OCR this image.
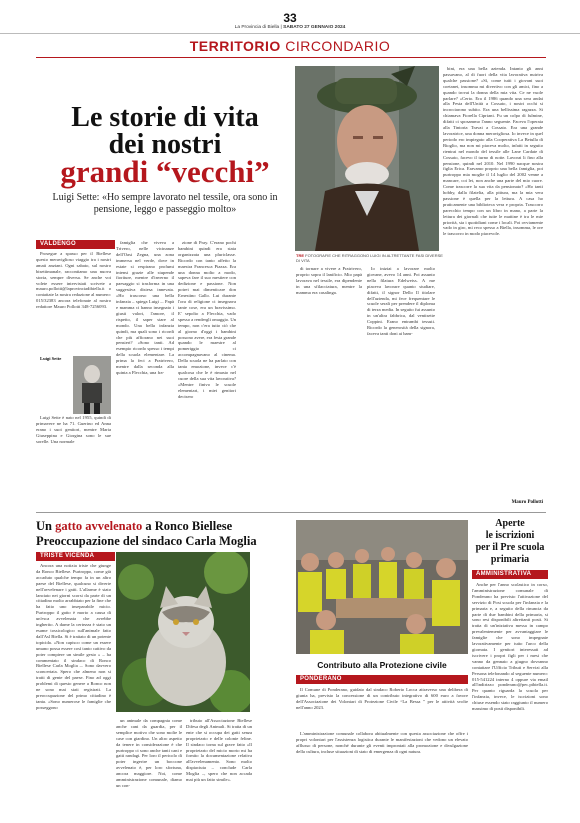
33
La Provincia di Biella | SABATO 27 GENNAIO 2024
TERRITORIO CIRCONDARIO
Le storie di vita
dei nostri
grandi “vecchi”
Luigi Sette: «Ho sempre lavorato nel tessile, ora sono in pensione, leggo e passeggio molto»
TRE FOTOGRAFIE CHE RITRAGGONO LUIGI IN ALTRETTANTE FASI DIVERSE DI VITA
VALDENGO

Prosegue a spasso per il Biellese questo meraviglioso viaggio tra i nostri amati anziani. Ogni sabato, sul nostro bisettimanale, raccontiamo una nuova storia, sempre diversa. Se anche voi volete essere intervistati scrivete a mauro.pollotti@laprovinciadibiella.it o contattate la nostra redazione al numero: 015/32383 ancora telefonate al nostro redattore Mauro Pollotti 348-7256093.

Luigi Sette

Luigi Sette è nato nel 1955, quindi di primavere ne ha 71. Guerino ed Anna erano i suoi genitori, mentre Maria Giuseppina e Giorgina sono le sue sorelle. Una normale

famiglia che viveva a Trivero, nelle vicinanze dell'Oasi Zegna, una zona immersa nel verde, dove in estate si respirano profumi intensi grazie alle stupende fioriture, mentre d'inverno il paesaggio si trasforma in una suggestiva distesa innevata. «Ho trascorso una bella infanzia – spiega Luigi –. Papà e mamma ci hanno insegnato i giusti valori, l'amore, il rispetto, il saper stare al mondo. Una bella infanzia quindi, ma quali sono i ricordi che più affiorano nei suoi pensieri? «Sono tanti. Ad esempio ricordo spesso i tempi della scuola elementare. La prima la feci a Pratrivero, mentre dalla seconda alla quinta a Flecchia, una fra-

zione di Pray. C'erano pochi bambini quindi era stata organizzata una pluriclasse. Ricordo con tanto affetto la maestra Francesca Piazza. Era una donna molto a modo, sapeva fare il suo mestiere con dedizione e passione. Non potrei mai dimenticare don Ernestino Gallo. Lui durante l'ora di religione ci insegnava tante cose, era un bravissimo. E' sepolto a Flecchia, vado spesso a rendergli omaggio. Un tempo, non c'era tutto ciò che al giorno d'oggi i bambini possono avere, era festa grande quando le maestre al pomeriggio ci accompagnavano al cinema. Della scuola ne ha parlato con tanta emozione, invece c'è qualcosa che le è rimasto nel cuore della sua vita lavorativa? «Mentre finivo le scuole elementari, i miei genitori decisero

di tornare a vivere a Pratrivero, proprio sopra il lanificio. Mio papà lavorava nel tessile, era dipendente in una sfilacciatura, mentre la mamma era casalinga.

Io iniziai a lavorare molto giovane, avevo 14 anni. Poi assunto nella filatura Edelweiss. A me piaceva lavorare quanto studiare, difatti, il signor Dello Il titolare dell'azienda, mi fece frequentare le scuole serali per prendere il diploma di terza media. In seguito fui assunto in un'altra fabbrica, dal ventisette Coppini. Erano entrambi tessuti. Ricordo la generosità della signora, faceva tanti doni ai bam-

bini, era una bella azienda. Intanto gli anni passavano, al di fuori della vita lavorativa nutriva qualche passione? «Sì, come tutti i giovani suoi coetanei, insomma mi divertivo con gli amici, fino a quando trovai la donna della mia vita. Ce ne vuole parlare? «Certo. Era il 1986 quando una sera andai alla Festa dell'Unità a Cossato, i nostri occhi si incrociarono subito. Era una bellissima ragazza. Si chiamava Fiorella Cipriani. Fu un colpo di fulmine, difatti ci sposammo l'anno seguente. Faceva l'operaia alla Tintoria Travai a Cossato. Era una grande lavoratrice, una donna meravigliosa. Io invece in quel periodo ero impiegato alla Cooperativa La Betulla di Bioglio, ma non mi piaceva molto, infatti in seguito rientrai nel mondo del tessile alle Lane Cardate di Cossato, facevo il turno di notte. Lavorai li fino alla pensione, quindi nel 2010. Nel 1990 nacque nostra figlia Erica. Eravamo proprio una bella famiglia, poi purtroppo mia moglie il 14 luglio del 2002 venne a mancare, coi lei, non anche una parte del mio cuore. Come trascorre la sua vita da pensionato? «Ho tanti hobby, dalla filatelia, alla pittura, ma la mia vera passione è quella per la lettura. A casa ho praticamente una biblioteca vera e propria. Trascorro parecchio tempo con un libro in mano, a parte la lettura dei giornali che tutte le mattine è tra le mie priorità, sia i quotidiani come i locali. Poi ovviamente vado in giro, mi reco spesso a Biella, insomma, le ore le trascorro in modo piacevole.

Mauro Pollotti
Un gatto avvelenato a Ronco Biellese
Preoccupazione del sindaco Carla Moglia
TRISTE VICENDA

Ancora una notizia triste che giunge da Ronco Biellese. Purtroppo, come già accaduto qualche tempo fa in un altro paese del Biellese, qualcuno si diverte nell'avvelenare i gatti. L'allarme è stato lanciato nei giorni scorsi da parte di un cittadino molto arrabbiato per la fine che ha fatto uno inseparabile micio. Purtroppo il gatto è morto a causa di un'esca avvelenata che avrebbe ingherito. A darne la certezza è stato un esame tossicologico sull'animale fatto dall'Asl Biella. Si è trattato di un potente topicida. «Non capisco come un essere umano possa essere così tanto cattivo da poter compiere un simile gesto » – ha commentato il sindaco di Ronco Biellese Carla Moglia –. Sono davvero sconcertata. Spero che almeno non si tratti di gente del paese. Fino ad oggi problemi di questo genere a Ronco non ne sono mai stati registrati. La preoccupazione del primo cittadino è tanta. «Sono numerose le famiglie che posseggono

un animale da compagnia come anche cani da guardia, per il semplice motivo che sono molte le case con giardino. Un altro aspetto da tenere in considerazione è che purtroppo ci sono anche tanti cani e gatti randagi. Per loro il pericolo di poter ingerire un boccone avvelenato è, per loro sfortuna, ancora maggiore. Noi, come amministrazione comunale, diamo un con-

tributo all'Associazione Biellese Difesa degli Animali. Si tratta di un ente che si occupa dei gatti senza proprietario e delle colonie feline. Il sindaco torna sul grave fatto «Il proprietario del micio morto mi ha fornito la documentazione relativa all'avvelenamento. Sono molto dispiaciuta – conclude Carla Moglia –, spero che non accada mai più un fatto simile».

Contributo alla Protezione civile
PONDERANO

Il Comune di Ponderano, guidato dal sindaco Roberto Locca attraverso una delibera di giunta ha, previsto la concessione di un contributo integrativo di 600 euro a favore dell'Associazione dei Volontari di Protezione Civile “La Bessa ” per le attività svolte nell'anno 2023.

L'amministrazione comunale collabora abitualmente con questa associazione che offre i propri volontari per l'assistenza logistica durante le manifestazioni che vedono un elevato afflusso di persone, nonché durante gli eventi improntati alla promozione e divulgazione della cultura, incluse situazioni di stato di emergenza di ogni natura.

Aperte
le iscrizioni
per il Pre scuola
primaria
AMMINISTRATIVA

Anche per l'anno scolastico in corso, l'amministrazione comunale di Ponderano ha previsto l'attivazione del servizio di Post scuola per l'infanzia e la primaria e, a seguito della rinuncia da parte di due bambini della primaria, si sono resi disponibili altrettanti posti. Si tratta di un'iniziativa messa in campo prevalentemente per avvantaggiare le famiglie che sono impegnate lavorativamente per tutto l'arco della giornata. I genitori interessati ad iscrivere i propri figli per i mesi che vanno da gennaio a giugno dovranno contattare l'Ufficio Tributi e Servizi alla Persona telefonando al seguente numero: 015-541224 interno 4 oppure via email all'indirizzo ponderano@pec.ptbiella.it. Per quanto riguarda la scuola per l'infanzia, invece, le iscrizioni sono chiuse essendo stato raggiunto il numero massimo di posti disponibili.
